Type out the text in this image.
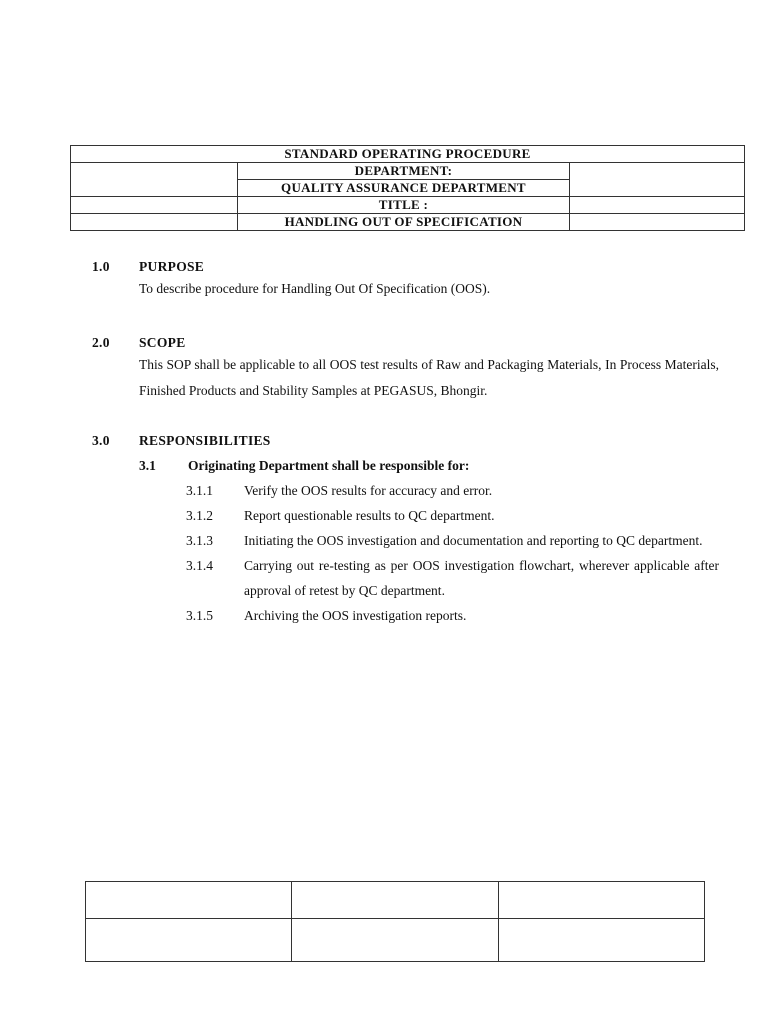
STANDARD OPERATING PROCEDURE		
	DEPARTMENT:	
	QUALITY ASSURANCE DEPARTMENT	
	TITLE :	
	HANDLING OUT OF SPECIFICATION	
1.0	PURPOSE
To describe procedure for Handling Out Of Specification (OOS).
2.0	SCOPE
This SOP shall be applicable to all OOS test results of Raw and Packaging Materials, In Process Materials, Finished Products and Stability Samples at PEGASUS, Bhongir.
3.0	RESPONSIBILITIES
3.1	Originating Department shall be responsible for:
3.1.1	Verify the OOS results for accuracy and error.
3.1.2	Report questionable results to QC department.
3.1.3	Initiating the OOS investigation and documentation and reporting to QC department.
3.1.4	Carrying out re-testing as per OOS investigation flowchart, wherever applicable after approval of retest by QC department.
3.1.5	Archiving the OOS investigation reports.
